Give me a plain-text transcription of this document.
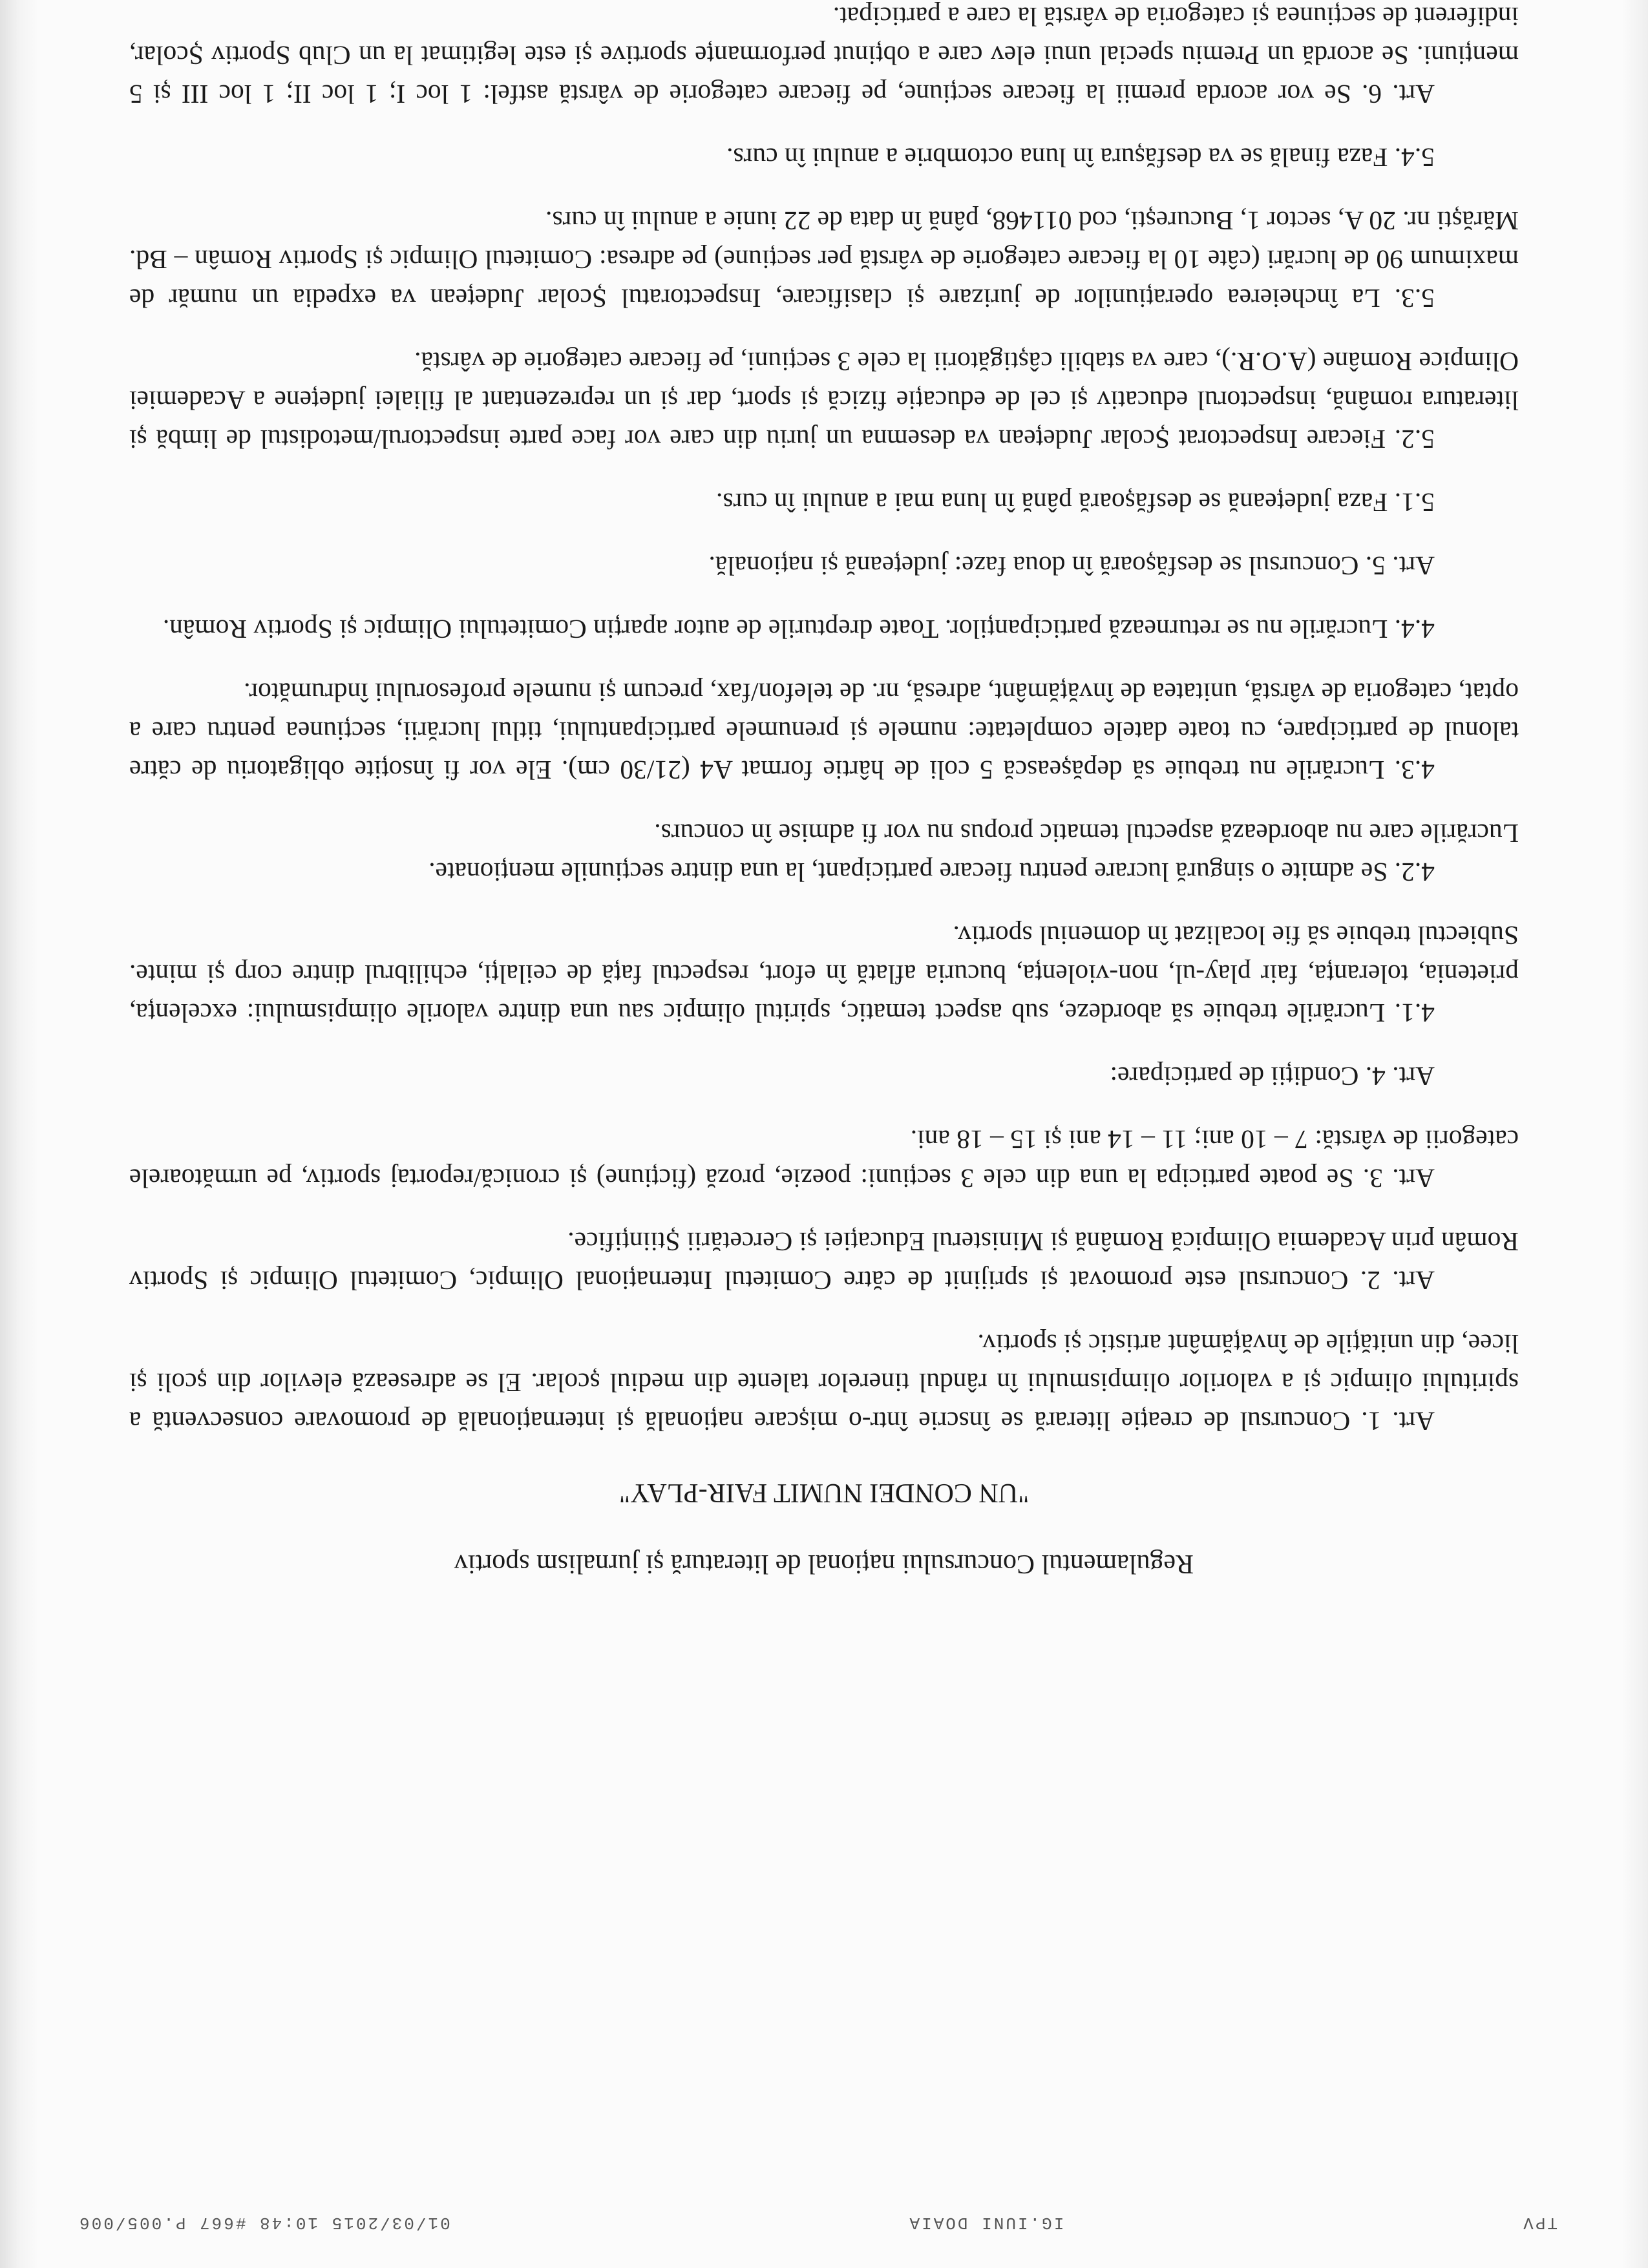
TPV
IG.IUNI DOAIA
01/03/2015 10:48 #667 P.005/006

Regulamentul Concursului național de literatură și jurnalism sportiv

"UN CONDEI NUMIT FAIR-PLAY"

Art. 1. Concursul de creație literară se înscrie într-o mișcare națională și internațională de promovare consecventă a spiritului olimpic și a valorilor olimpismului în rândul tinerelor talente din mediul școlar. El se adresează elevilor din școli și licee, din unitățile de învățământ artistic și sportiv.

Art. 2. Concursul este promovat și sprijinit de către Comitetul Internațional Olimpic, Comitetul Olimpic și Sportiv Român prin Academia Olimpică Română și Ministerul Educației și Cercetării Științifice.

Art. 3. Se poate participa la una din cele 3 secțiuni: poezie, proză (ficțiune) și cronică/reportaj sportiv, pe următoarele categorii de vârstă: 7 – 10 ani; 11 – 14 ani și 15 – 18 ani.

Art. 4. Condiții de participare:

4.1. Lucrările trebuie să abordeze, sub aspect tematic, spiritul olimpic sau una dintre valorile olimpismului: excelența, prietenia, toleranța, fair play-ul, non-violența, bucuria aflată în efort, respectul față de ceilalți, echilibrul dintre corp și minte. Subiectul trebuie să fie localizat în domeniul sportiv.

4.2. Se admite o singură lucrare pentru fiecare participant, la una dintre secțiunile menționate.

Lucrările care nu abordează aspectul tematic propus nu vor fi admise în concurs.

4.3. Lucrările nu trebuie să depășească 5 coli de hârtie format A4 (21/30 cm). Ele vor fi însoțite obligatoriu de către talonul de participare, cu toate datele completate: numele și prenumele participantului, titlul lucrării, secțiunea pentru care a optat, categoria de vârstă, unitatea de învățământ, adresă, nr. de telefon/fax, precum și numele profesorului îndrumător.

4.4. Lucrările nu se returnează participanților. Toate drepturile de autor aparțin Comitetului Olimpic și Sportiv Român.

Art. 5. Concursul se desfășoară în doua faze: județeană și națională.

5.1. Faza județeană se desfășoară până în luna mai a anului în curs.

5.2. Fiecare Inspectorat Școlar Județean va desemna un juriu din care vor face parte inspectorul/metodistul de limbă și literatura română, inspectorul educativ și cel de educație fizică și sport, dar și un reprezentant al filialei județene a Academiei Olimpice Române (A.O.R.), care va stabili câștigătorii la cele 3 secțiuni, pe fiecare categorie de vârstă.

5.3. La încheierea operațiunilor de jurizare și clasificare, Inspectoratul Școlar Județean va expedia un număr de maximum 90 de lucrări (câte 10 la fiecare categorie de vârstă per secțiune) pe adresa: Comitetul Olimpic și Sportiv Român – Bd. Mărăști nr. 20 A, sector 1, București, cod 011468, până în data de 22 iunie a anului în curs.

5.4. Faza finală se va desfășura în luna octombrie a anului în curs.

Art. 6. Se vor acorda premii la fiecare secțiune, pe fiecare categorie de vârstă astfel: 1 loc I; 1 loc II; 1 loc III și 5 mențiuni. Se acordă un Premiu special unui elev care a obținut performanțe sportive și este legitimat la un Club Sportiv Școlar, indiferent de secțiunea și categoria de vârstă la care a participat.
